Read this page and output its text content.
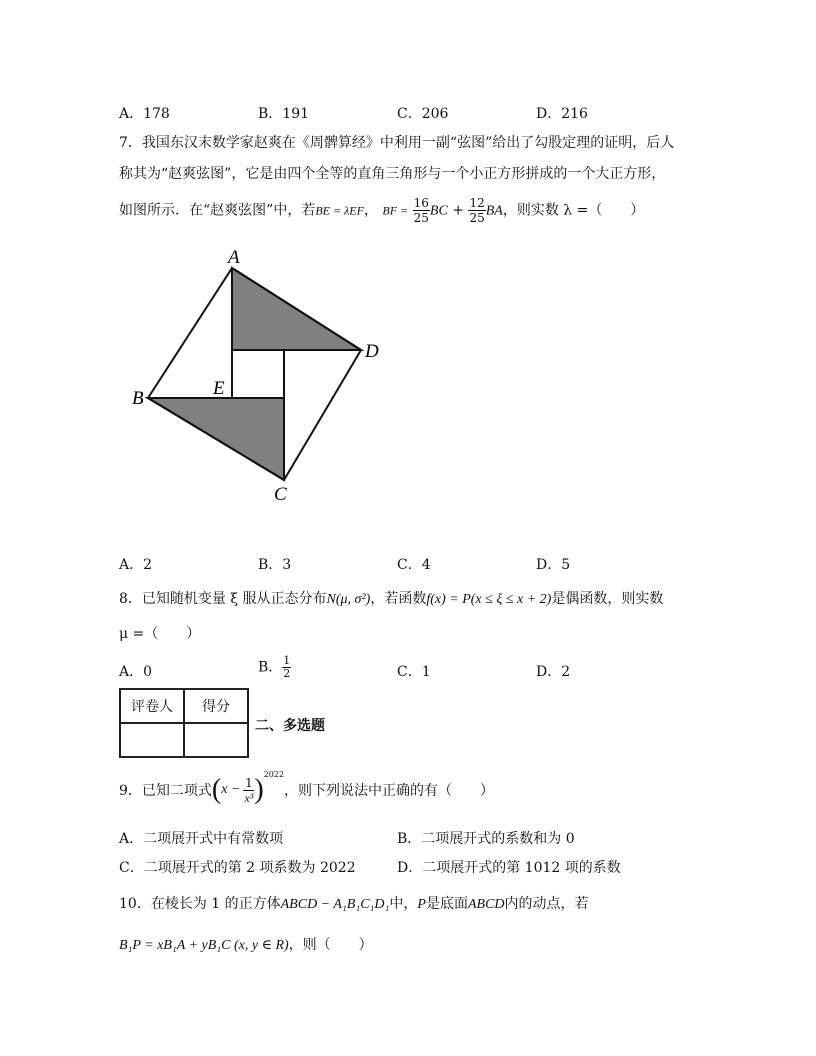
A．178	B．191	C．206	D．216
7．我国东汉末数学家赵爽在《周髀算经》中利用一副“弦图”给出了勾股定理的证明，后人
称其为“赵爽弦图”，它是由四个全等的直角三角形与一个小正方形拼成的一个大正方形，
如图所示．在“赵爽弦图”中，若BE = λEF， BF = $\frac{16}{25}$ BC + $\frac{12}{25}$ BA，则实数 λ =（　　）
A
D
B	E
C
A．2	B．3	C．4	D．5
8．已知随机变量 ξ 服从正态分布N(μ, σ²)，若函数f(x) = P(x ≤ ξ ≤ x + 2)是偶函数，则实数
μ =（　　）
A．0	B． $\frac{1}{2}$	C．1	D．2
评卷人	得分

二、多选题
9．已知二项式 ( $x - \frac{1}{\text{x³}}$ ) 2022
，则下列说法中正确的有（　　）
A．二项展开式中有常数项	B．二项展开式的系数和为 0
C．二项展开式的第 2 项系数为 2022	D．二项展开式的第 1012 项的系数
10．在棱长为 1 的正方体ABCD − A₁B₁C₁D₁中，P是底面ABCD内的动点，若
B₁P = xB₁A + yB₁C (x, y ∈ R)，则（　　）
